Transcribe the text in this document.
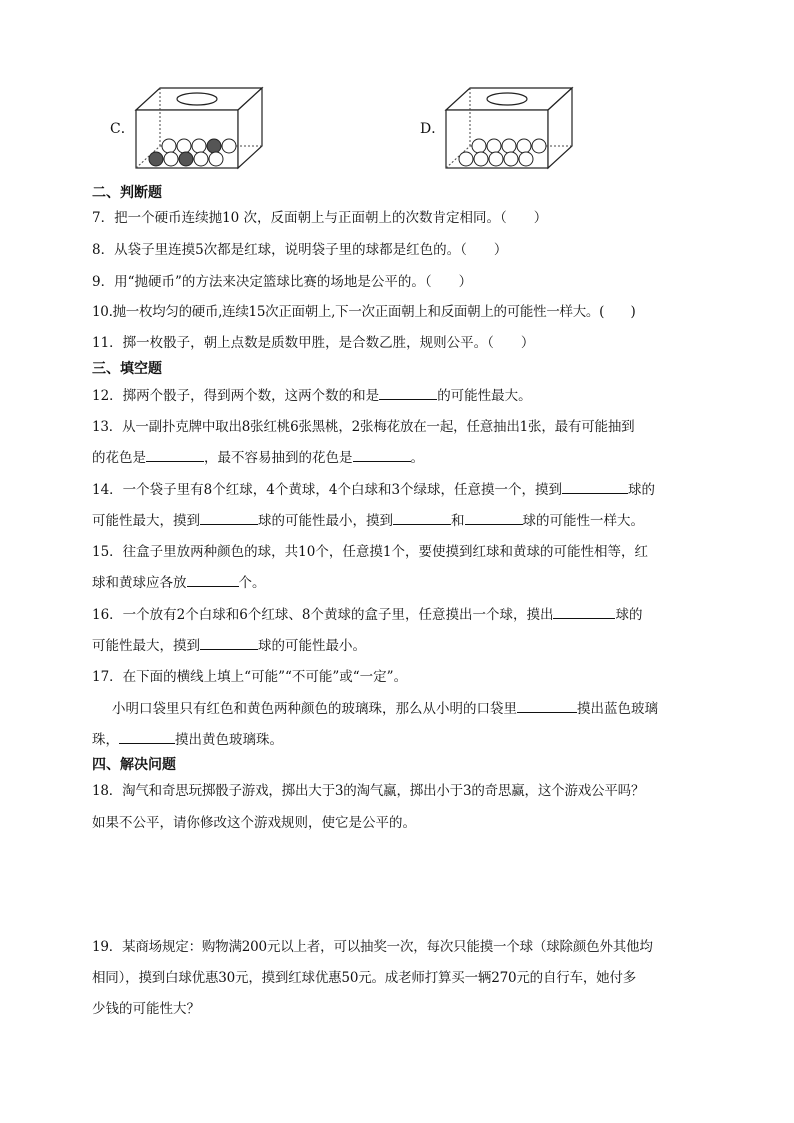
C．	D．
二、判断题
7．把一个硬币连续抛10 次，反面朝上与正面朝上的次数肯定相同。（　　）
8．从袋子里连摸5次都是红球，说明袋子里的球都是红色的。（　　）
9．用“抛硬币”的方法来决定篮球比赛的场地是公平的。（　　）
10.抛一枚均匀的硬币,连续15次正面朝上,下一次正面朝上和反面朝上的可能性一样大。(　　)
11．掷一枚骰子，朝上点数是质数甲胜，是合数乙胜，规则公平。（　　）
三、填空题
12．掷两个骰子，得到两个数，这两个数的和是	的可能性最大。
13．从一副扑克牌中取出8张红桃6张黑桃，2张梅花放在一起，任意抽出1张，最有可能抽到
的花色是	，最不容易抽到的花色是	。
14．一个袋子里有8个红球，4个黄球，4个白球和3个绿球，任意摸一个，摸到	球的
可能性最大，摸到	球的可能性最小，摸到	和	球的可能性一样大。
15．往盒子里放两种颜色的球，共10个，任意摸1个，要使摸到红球和黄球的可能性相等，红
球和黄球应各放	个。
16．一个放有2个白球和6个红球、8个黄球的盒子里，任意摸出一个球，摸出	球的
可能性最大，摸到	球的可能性最小。
17．在下面的横线上填上“可能”“不可能”或“一定”。
小明口袋里只有红色和黄色两种颜色的玻璃珠，那么从小明的口袋里	摸出蓝色玻璃
珠，	摸出黄色玻璃珠。
四、解决问题
18．淘气和奇思玩掷骰子游戏，掷出大于3的淘气赢，掷出小于3的奇思赢，这个游戏公平吗？
如果不公平，请你修改这个游戏规则，使它是公平的。
19．某商场规定：购物满200元以上者，可以抽奖一次，每次只能摸一个球（球除颜色外其他均
相同），摸到白球优惠30元，摸到红球优惠50元。成老师打算买一辆270元的自行车，她付多
少钱的可能性大？
